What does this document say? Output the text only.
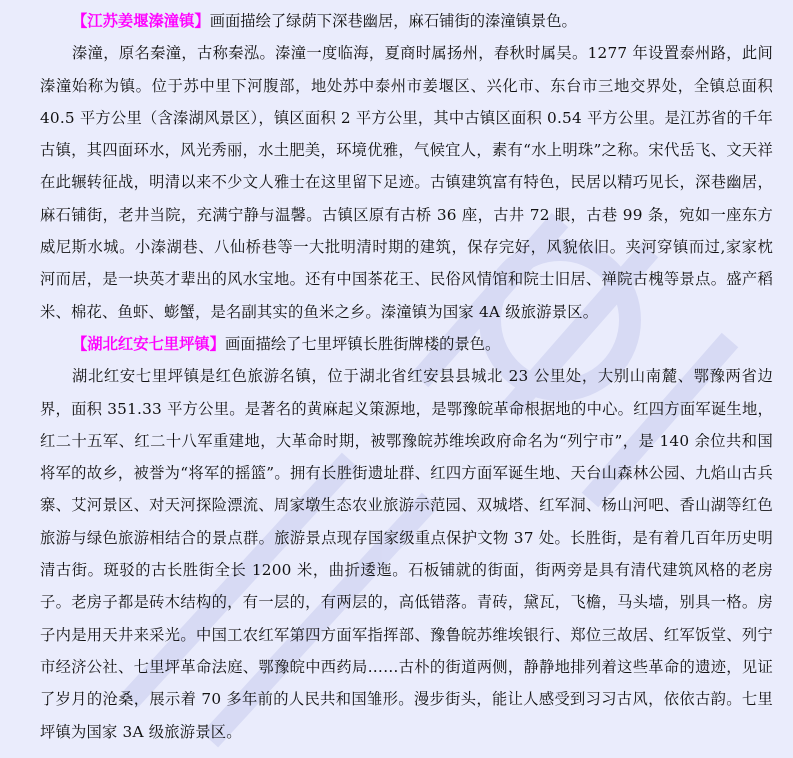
【江苏姜堰溱潼镇】画面描绘了绿荫下深巷幽居，麻石铺街的溱潼镇景色。

溱潼，原名秦潼，古称秦泓。溱潼一度临海，夏商时属扬州，春秋时属吴。1277 年设置泰州路，此间溱潼始称为镇。位于苏中里下河腹部，地处苏中泰州市姜堰区、兴化市、东台市三地交界处，全镇总面积 40.5 平方公里（含溱湖风景区），镇区面积 2 平方公里，其中古镇区面积 0.54 平方公里。是江苏省的千年古镇，其四面环水，风光秀丽，水土肥美，环境优雅，气候宜人，素有“水上明珠”之称。宋代岳飞、文天祥在此辗转征战，明清以来不少文人雅士在这里留下足迹。古镇建筑富有特色，民居以精巧见长，深巷幽居，麻石铺街，老井当院，充满宁静与温馨。古镇区原有古桥 36 座，古井 72 眼，古巷 99 条，宛如一座东方威尼斯水城。小溱湖巷、八仙桥巷等一大批明清时期的建筑，保存完好，风貌依旧。夹河穿镇而过,家家枕河而居，是一块英才辈出的风水宝地。还有中国茶花王、民俗风情馆和院士旧居、禅院古槐等景点。盛产稻米、棉花、鱼虾、蟛蟹，是名副其实的鱼米之乡。溱潼镇为国家 4A 级旅游景区。

【湖北红安七里坪镇】画面描绘了七里坪镇长胜街牌楼的景色。

湖北红安七里坪镇是红色旅游名镇，位于湖北省红安县县城北 23 公里处，大别山南麓、鄂豫两省边界，面积 351.33 平方公里。是著名的黄麻起义策源地，是鄂豫皖革命根据地的中心。红四方面军诞生地，红二十五军、红二十八军重建地，大革命时期，被鄂豫皖苏维埃政府命名为“列宁市”，是 140 余位共和国将军的故乡，被誉为“将军的摇篮”。拥有长胜街遗址群、红四方面军诞生地、天台山森林公园、九焰山古兵寨、艾河景区、对天河探险漂流、周家墩生态农业旅游示范园、双城塔、红军洞、杨山河吧、香山湖等红色旅游与绿色旅游相结合的景点群。旅游景点现存国家级重点保护文物 37 处。长胜街，是有着几百年历史明清古街。斑驳的古长胜街全长 1200 米，曲折逶迤。石板铺就的街面，街两旁是具有清代建筑风格的老房子。老房子都是砖木结构的，有一层的，有两层的，高低错落。青砖，黛瓦，飞檐，马头墙，别具一格。房子内是用天井来采光。中国工农红军第四方面军指挥部、豫鲁皖苏维埃银行、郑位三故居、红军饭堂、列宁市经济公社、七里坪革命法庭、鄂豫皖中西药局……古朴的街道两侧，静静地排列着这些革命的遗迹，见证了岁月的沧桑，展示着 70 多年前的人民共和国雏形。漫步街头，能让人感受到习习古风，依依古韵。七里坪镇为国家 3A 级旅游景区。
